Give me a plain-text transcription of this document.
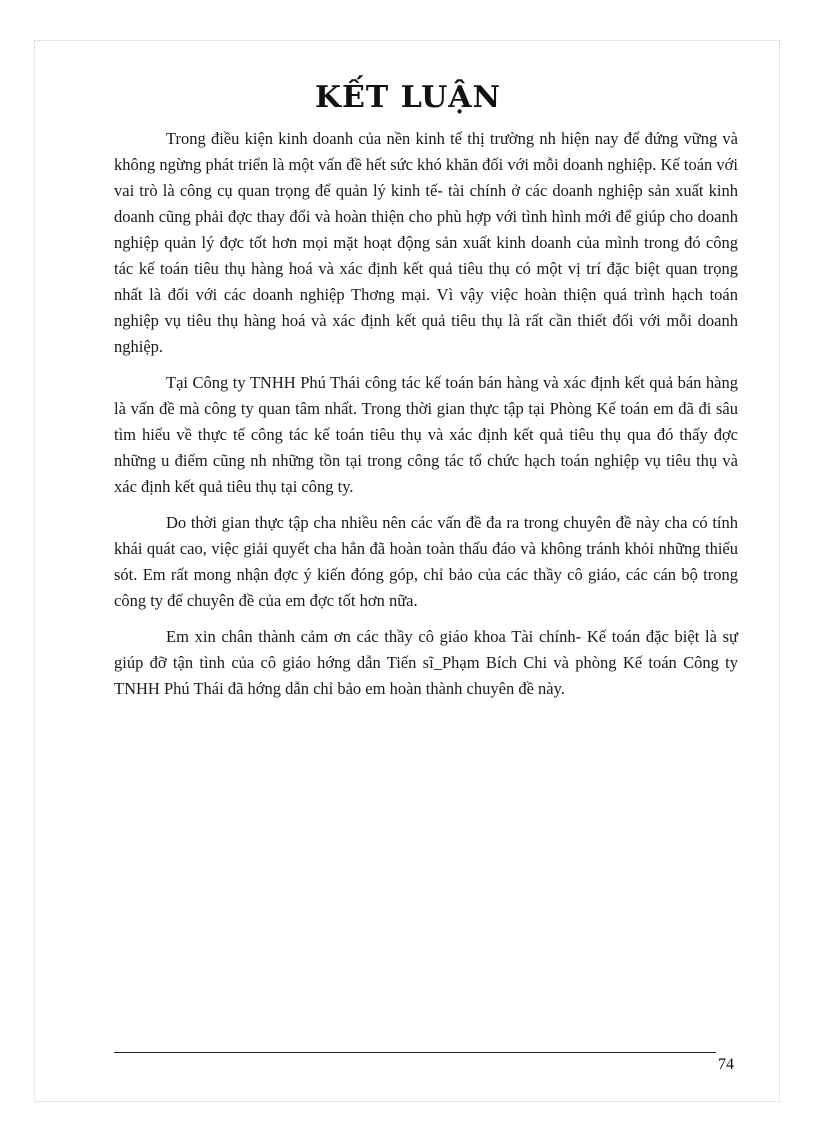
KẾT LUẬN

Trong điều kiện kinh doanh của nền kinh tế thị trường nh hiện nay để đứng vững và không ngừng phát triển là một vấn đề hết sức khó khăn đối với mỗi doanh nghiệp. Kế toán với vai trò là công cụ quan trọng để quản lý kinh tế- tài chính ở các doanh nghiệp sản xuất kinh doanh cũng phải đợc thay đổi và hoàn thiện cho phù hợp với tình hình mới để giúp cho doanh nghiệp quản lý đợc tốt hơn mọi mặt hoạt động sản xuất kinh doanh của mình trong đó công tác kế toán tiêu thụ hàng hoá và xác định kết quả tiêu thụ có một vị trí đặc biệt quan trọng nhất là đối với các doanh nghiệp Thơng mại. Vì vậy việc hoàn thiện quá trình hạch toán nghiệp vụ tiêu thụ hàng hoá và xác định kết quả tiêu thụ là rất cần thiết đối với mỗi doanh nghiệp.

Tại Công ty TNHH Phú Thái công tác kế toán bán hàng và xác định kết quả bán hàng là vấn đề mà công ty quan tâm nhất. Trong thời gian thực tập tại Phòng Kế toán em đã đi sâu tìm hiểu về thực tế công tác kế toán tiêu thụ và xác định kết quả tiêu thụ qua đó thấy đợc những u điểm cũng nh những tồn tại trong công tác tổ chức hạch toán nghiệp vụ tiêu thụ và xác định kết quả tiêu thụ tại công ty.

Do thời gian thực tập cha nhiều nên các vấn đề đa ra trong chuyên đề này cha có tính khái quát cao, việc giải quyết cha hẳn đã hoàn toàn thấu đáo và không tránh khỏi những thiếu sót. Em rất mong nhận đợc ý kiến đóng góp, chỉ bảo của các thầy cô giáo, các cán bộ trong công ty để chuyên đề của em đợc tốt hơn nữa.

Em xin chân thành cảm ơn các thầy cô giáo khoa Tài chính- Kế toán đặc biệt là sự giúp đỡ tận tình của cô giáo hớng dẫn Tiến sĩ_Phạm Bích Chi và phòng Kế toán Công ty TNHH Phú Thái đã hớng dẫn chỉ bảo em hoàn thành chuyên đề này.

74
